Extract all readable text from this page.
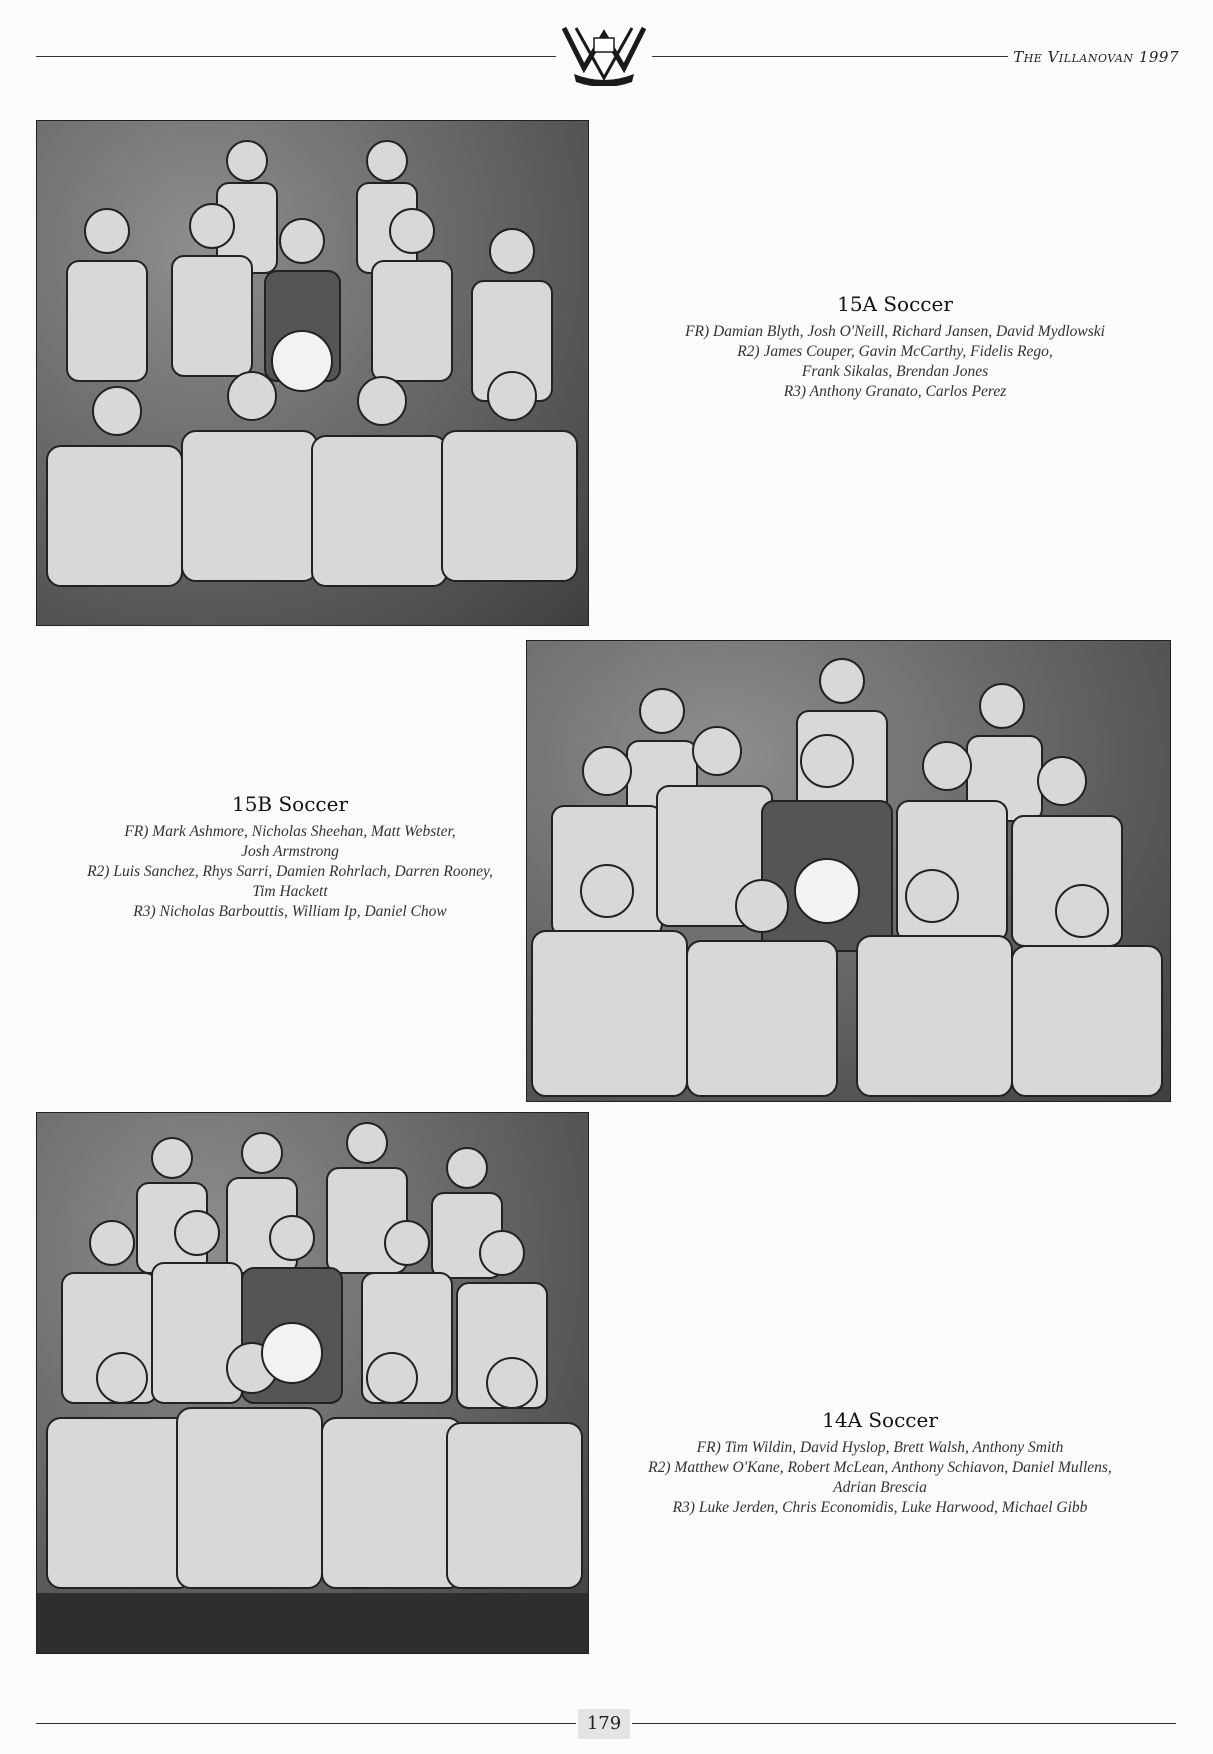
The Villanovan 1997
15A Soccer
FR) Damian Blyth, Josh O'Neill, Richard Jansen, David Mydlowski
R2) James Couper, Gavin McCarthy, Fidelis Rego,
Frank Sikalas, Brendan Jones
R3) Anthony Granato, Carlos Perez
15B Soccer
FR) Mark Ashmore, Nicholas Sheehan, Matt Webster,
Josh Armstrong
R2) Luis Sanchez, Rhys Sarri, Damien Rohrlach, Darren Rooney,
Tim Hackett
R3) Nicholas Barbouttis, William Ip, Daniel Chow
14A Soccer
FR) Tim Wildin, David Hyslop, Brett Walsh, Anthony Smith
R2) Matthew O'Kane, Robert McLean, Anthony Schiavon, Daniel Mullens,
Adrian Brescia
R3) Luke Jerden, Chris Economidis, Luke Harwood, Michael Gibb
179
